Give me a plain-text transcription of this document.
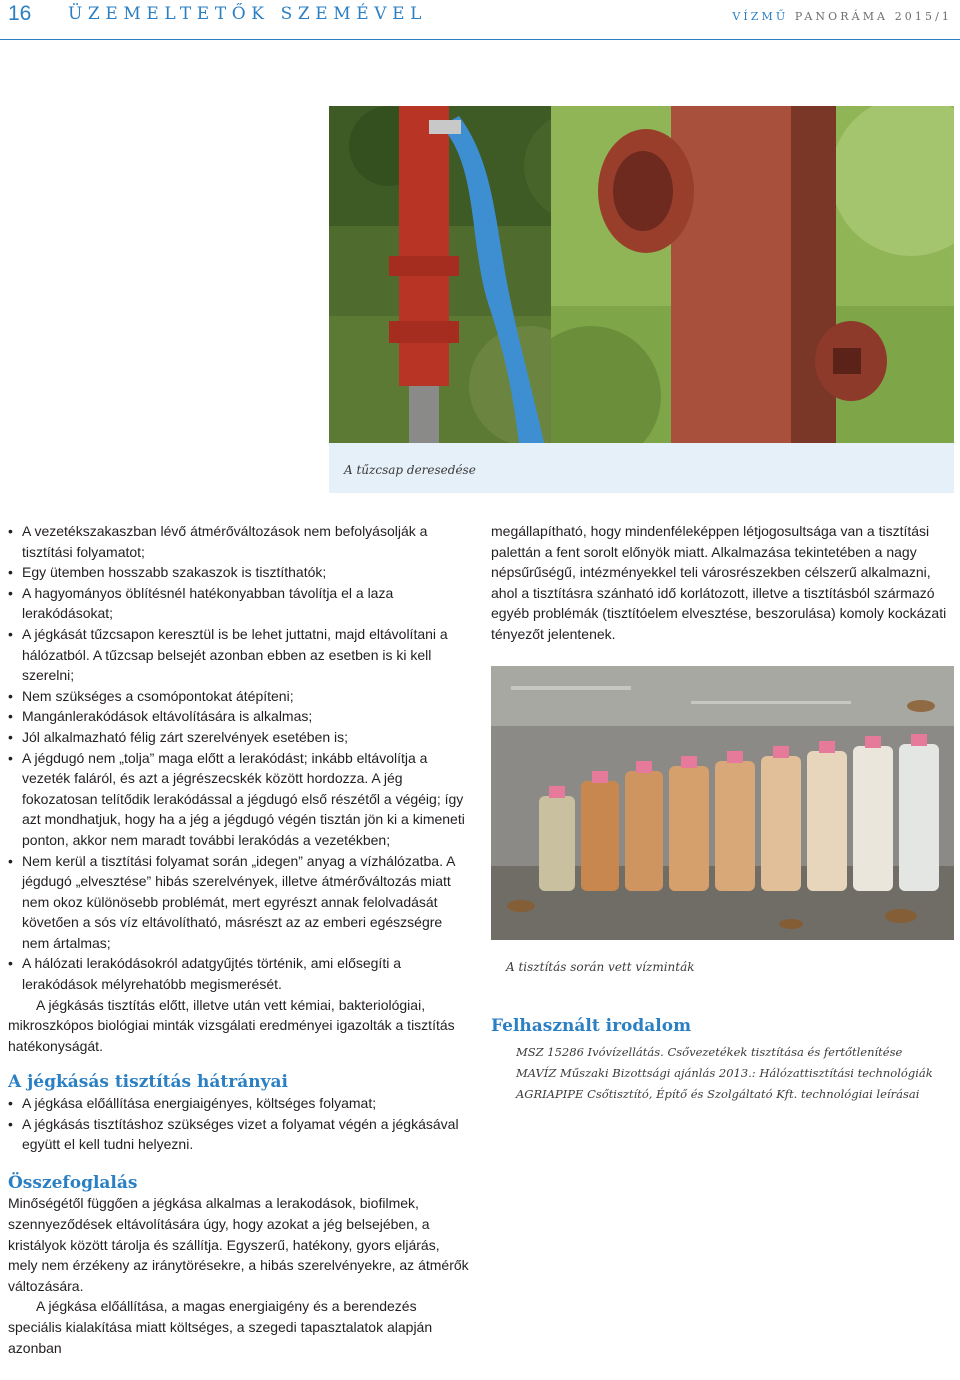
16 ÜZEMELTETŐK SZEMÉVEL	VÍZMŰ PANORÁMA 2015/1
A tűzcsap deresedése
• A vezetékszakaszban lévő átmérőváltozások nem befolyásolják a tisztítási folyamatot;
• Egy ütemben hosszabb szakaszok is tisztíthatók;
• A hagyományos öblítésnél hatékonyabban távolítja el a laza lerakódásokat;
• A jégkását tűzcsapon keresztül is be lehet juttatni, majd eltávolítani a hálózatból. A tűzcsap belsejét azonban ebben az esetben is ki kell szerelni;
• Nem szükséges a csomópontokat átépíteni;
• Mangánlerakódások eltávolítására is alkalmas;
• Jól alkalmazható félig zárt szerelvények esetében is;
• A jégdugó nem „tolja” maga előtt a lerakódást; inkább eltávolítja a vezeték faláról, és azt a jégrészecskék között hordozza. A jég fokozatosan telítődik lerakódással a jégdugó első részétől a végéig; így azt mondhatjuk, hogy ha a jég a jégdugó végén tisztán jön ki a kimeneti ponton, akkor nem maradt további lerakódás a vezetékben;
• Nem kerül a tisztítási folyamat során „idegen” anyag a vízhálózatba. A jégdugó „elvesztése” hibás szerelvények, illetve átmérőváltozás miatt nem okoz különösebb problémát, mert egyrészt annak felolvadását követően a sós víz eltávolítható, másrészt az az emberi egészségre nem ártalmas;
• A hálózati lerakódásokról adatgyűjtés történik, ami elősegíti a lerakódások mélyrehatóbb megismerését.

A jégkásás tisztítás előtt, illetve után vett kémiai, bakteriológiai, mikroszkópos biológiai minták vizsgálati eredményei igazolták a tisztítás hatékonyságát.

A jégkásás tisztítás hátrányai

• A jégkása előállítása energiaigényes, költséges folyamat;
• A jégkásás tisztításhoz szükséges vizet a folyamat végén a jégkásával együtt el kell tudni helyezni.

Összefoglalás

Minőségétől függően a jégkása alkalmas a lerakodások, biofilmek, szennyeződések eltávolítására úgy, hogy azokat a jég belsejében, a kristályok között tárolja és szállítja. Egyszerű, hatékony, gyors eljárás, mely nem érzékeny az iránytörésekre, a hibás szerelvényekre, az átmérők változására.

A jégkása előállítása, a magas energiaigény és a berendezés speciális kialakítása miatt költséges, a szegedi tapasztalatok alapján azonban

megállapítható, hogy mindenféleképpen létjogosultsága van a tisztítási palettán a fent sorolt előnyök miatt. Alkalmazása tekintetében a nagy népsűrűségű, intézményekkel teli városrészekben célszerű alkalmazni, ahol a tisztításra szánható idő korlátozott, illetve a tisztításból származó egyéb problémák (tisztítóelem elvesztése, beszorulása) komoly kockázati tényezőt jelentenek.

A tisztítás során vett vízminták

Felhasznált irodalom

MSZ 15286 Ivóvízellátás. Csővezetékek tisztítása és fertőtlenítése
MAVÍZ Műszaki Bizottsági ajánlás 2013.: Hálózattisztítási technológiák
AGRIAPIPE Csőtisztító, Építő és Szolgáltató Kft. technológiai leírásai
